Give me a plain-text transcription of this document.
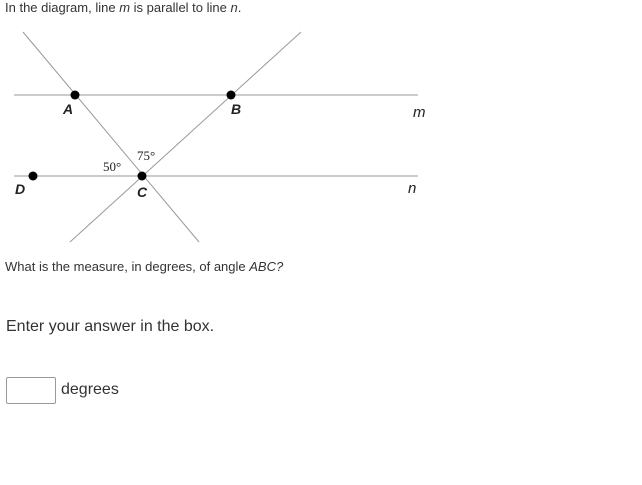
In the diagram, line m is parallel to line n.
A	B
C
D
m
n
50°
75°
What is the measure, in degrees, of angle ABC?
Enter your answer in the box.
degrees
